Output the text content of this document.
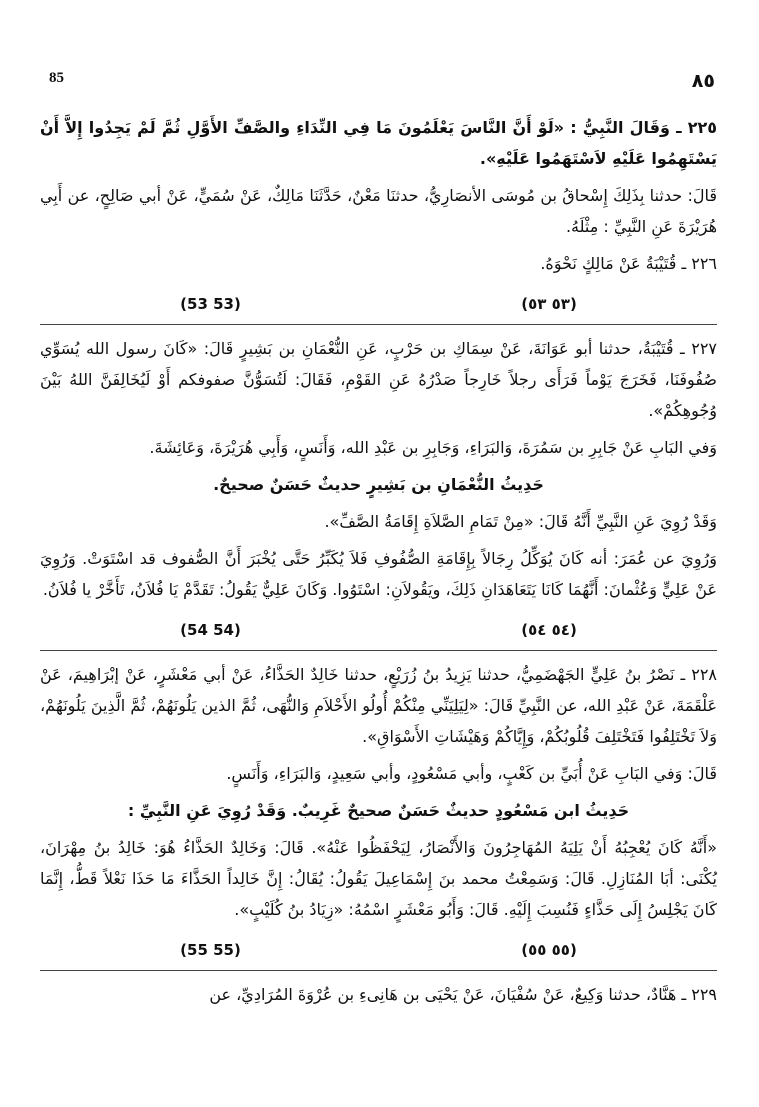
85	٨٥

٢٢٥ ـ وَقَالَ النَّبِيُّ : «لَوْ أَنَّ النَّاسَ يَعْلَمُونَ مَا فِي النِّدَاءِ والصَّفِّ الأَوَّلِ ثُمَّ لَمْ يَجِدُوا إِلاَّ أَنْ يَسْتَهِمُوا عَلَيْهِ لاَسْتَهَمُوا عَلَيْهِ».

قَالَ: حدثنا بِذَلِكَ إِسْحاقُ بن مُوسَى الأنصَارِيُّ، حدثنَا مَعْنٌ، حَدَّثَنَا مَالِكٌ، عَنْ سُمَيٍّ، عَنْ أبي صَالِحٍ، عن أَبِي هُرَيْرَةَ عَنِ النَّبِيِّ : مِثْلَهُ.

٢٢٦ ـ قُتَيْبَةُ عَنْ مَالِكٍ نَحْوَهُ.

(53 53)	(٥٣ ٥٣)

٢٢٧ ـ قُتَيْبَةُ، حدثنا أبو عَوَانَةَ، عَنْ سِمَاكِ بن حَرْبٍ، عَنِ النُّعْمَانِ بن بَشِيرٍ قَالَ: «كَانَ رسول الله يُسَوِّي صُفُوفَنَا، فَخَرَجَ يَوْماً فَرَأَى رجلاً خَارِجاً صَدْرُهُ عَنِ القَوْمِ، فَقَالَ: لَتُسَوُّنَّ صفوفكم أَوْ لَيُخَالِفَنَّ اللهُ بَيْنَ وُجُوهِكُمْ».

وَفي البَابِ عَنْ جَابِرِ بن سَمُرَةَ، وَالبَرَاءِ، وَجَابِرِ بن عَبْدِ الله، وَأَنَسٍ، وَأَبِي هُرَيْرَةَ، وَعَائِشَةَ.

حَدِيثُ النُّعْمَانِ بن بَشِيرٍ حديثٌ حَسَنٌ صحيحٌ.

وَقَدْ رُوِيَ عَنِ النَّبِيِّ أَنَّهُ قَالَ: «مِنْ تَمَامِ الصَّلاَةِ إِقَامَةُ الصَّفِّ».

وَرُوِيَ عن عُمَرَ: أنه كَانَ يُوَكِّلُ رِجَالاً بِإِقَامَةِ الصُّفُوفِ فَلاَ يُكَبِّرُ حَتَّى يُخْبَرَ أَنَّ الصُّفوف قد اسْتَوَتْ. وَرُوِيَ عَنْ عَلِيٍّ وَعُثْمانَ: أَنَّهُمَا كَانَا يَتَعَاهَدَانِ ذَلِكَ، ويَقُولاَنِ: اسْتَوُوا. وَكَانَ عَلِيٌّ يَقُولُ: تَقَدَّمْ يَا فُلاَنُ، تَأَخَّرْ يا فُلاَنُ.

(54 54)	(٥٤ ٥٤)

٢٢٨ ـ نَصْرُ بنُ عَلِيٍّ الجَهْضَمِيُّ، حدثنا يَزِيدُ بنُ زُرَيْعٍ، حدثنا خَالِدٌ الحَذَّاءُ، عَنْ أبي مَعْشَرٍ، عَنْ إبْرَاهِيمَ، عَنْ عَلْقَمَةَ، عَنْ عَبْدِ الله، عن النَّبِيِّ قَالَ: «لِيَلِيَنِّي مِنْكُمْ أُولُو الأَحْلاَمِ وَالنُّهَى، ثُمَّ الذين يَلُونَهُمْ، ثُمَّ الَّذِينَ يَلُونَهُمْ، وَلاَ تَخْتَلِفُوا فَتَخْتَلِفَ قُلُوبُكُمْ، وَإِيَّاكُمْ وَهَيْشَاتِ الأَسْوَاقِ».

قَالَ: وَفي البَابِ عَنْ أُبَيِّ بن كَعْبٍ، وأبي مَسْعُودٍ، وأبي سَعِيدٍ، وَالبَرَاءِ، وَأَنَسٍ.

حَدِيثُ ابن مَسْعُودٍ حديثٌ حَسَنٌ صحيحٌ غَرِيبٌ. وَقَدْ رُوِيَ عَنِ النَّبِيِّ :

«أَنَّهُ كَانَ يُعْجِبُهُ أَنْ يَلِيَهُ المُهَاجِرُونَ وَالأَنْصَارُ، لِيَحْفَظُوا عَنْهُ». قَالَ: وَخَالِدٌ الحَذَّاءُ هُوَ: خَالِدُ بنُ مِهْرَانَ، يُكْنَى: أبَا المُنَازِلِ. قَالَ: وَسَمِعْتُ محمد بنَ إِسْمَاعِيلَ يَقُولُ: يُقَالُ: إِنَّ خَالِداً الحَذَّاءَ مَا حَذَا نَعْلاً قَطُّ، إِنَّمَا كَانَ يَجْلِسُ إِلَى حَذَّاءٍ فَنُسِبَ إِلَيْهِ. قَالَ: وَأَبُو مَعْشَرٍ اسْمُهُ: «زِيَادُ بنُ كُلَيْبٍ».

(55 55)	(٥٥ ٥٥)

٢٢٩ ـ هَنَّادٌ، حدثنا وَكِيعٌ، عَنْ سُفْيَانَ، عَنْ يَحْيَى بن هَانِىءِ بن عُرْوَةَ المُرَادِيِّ، عن
